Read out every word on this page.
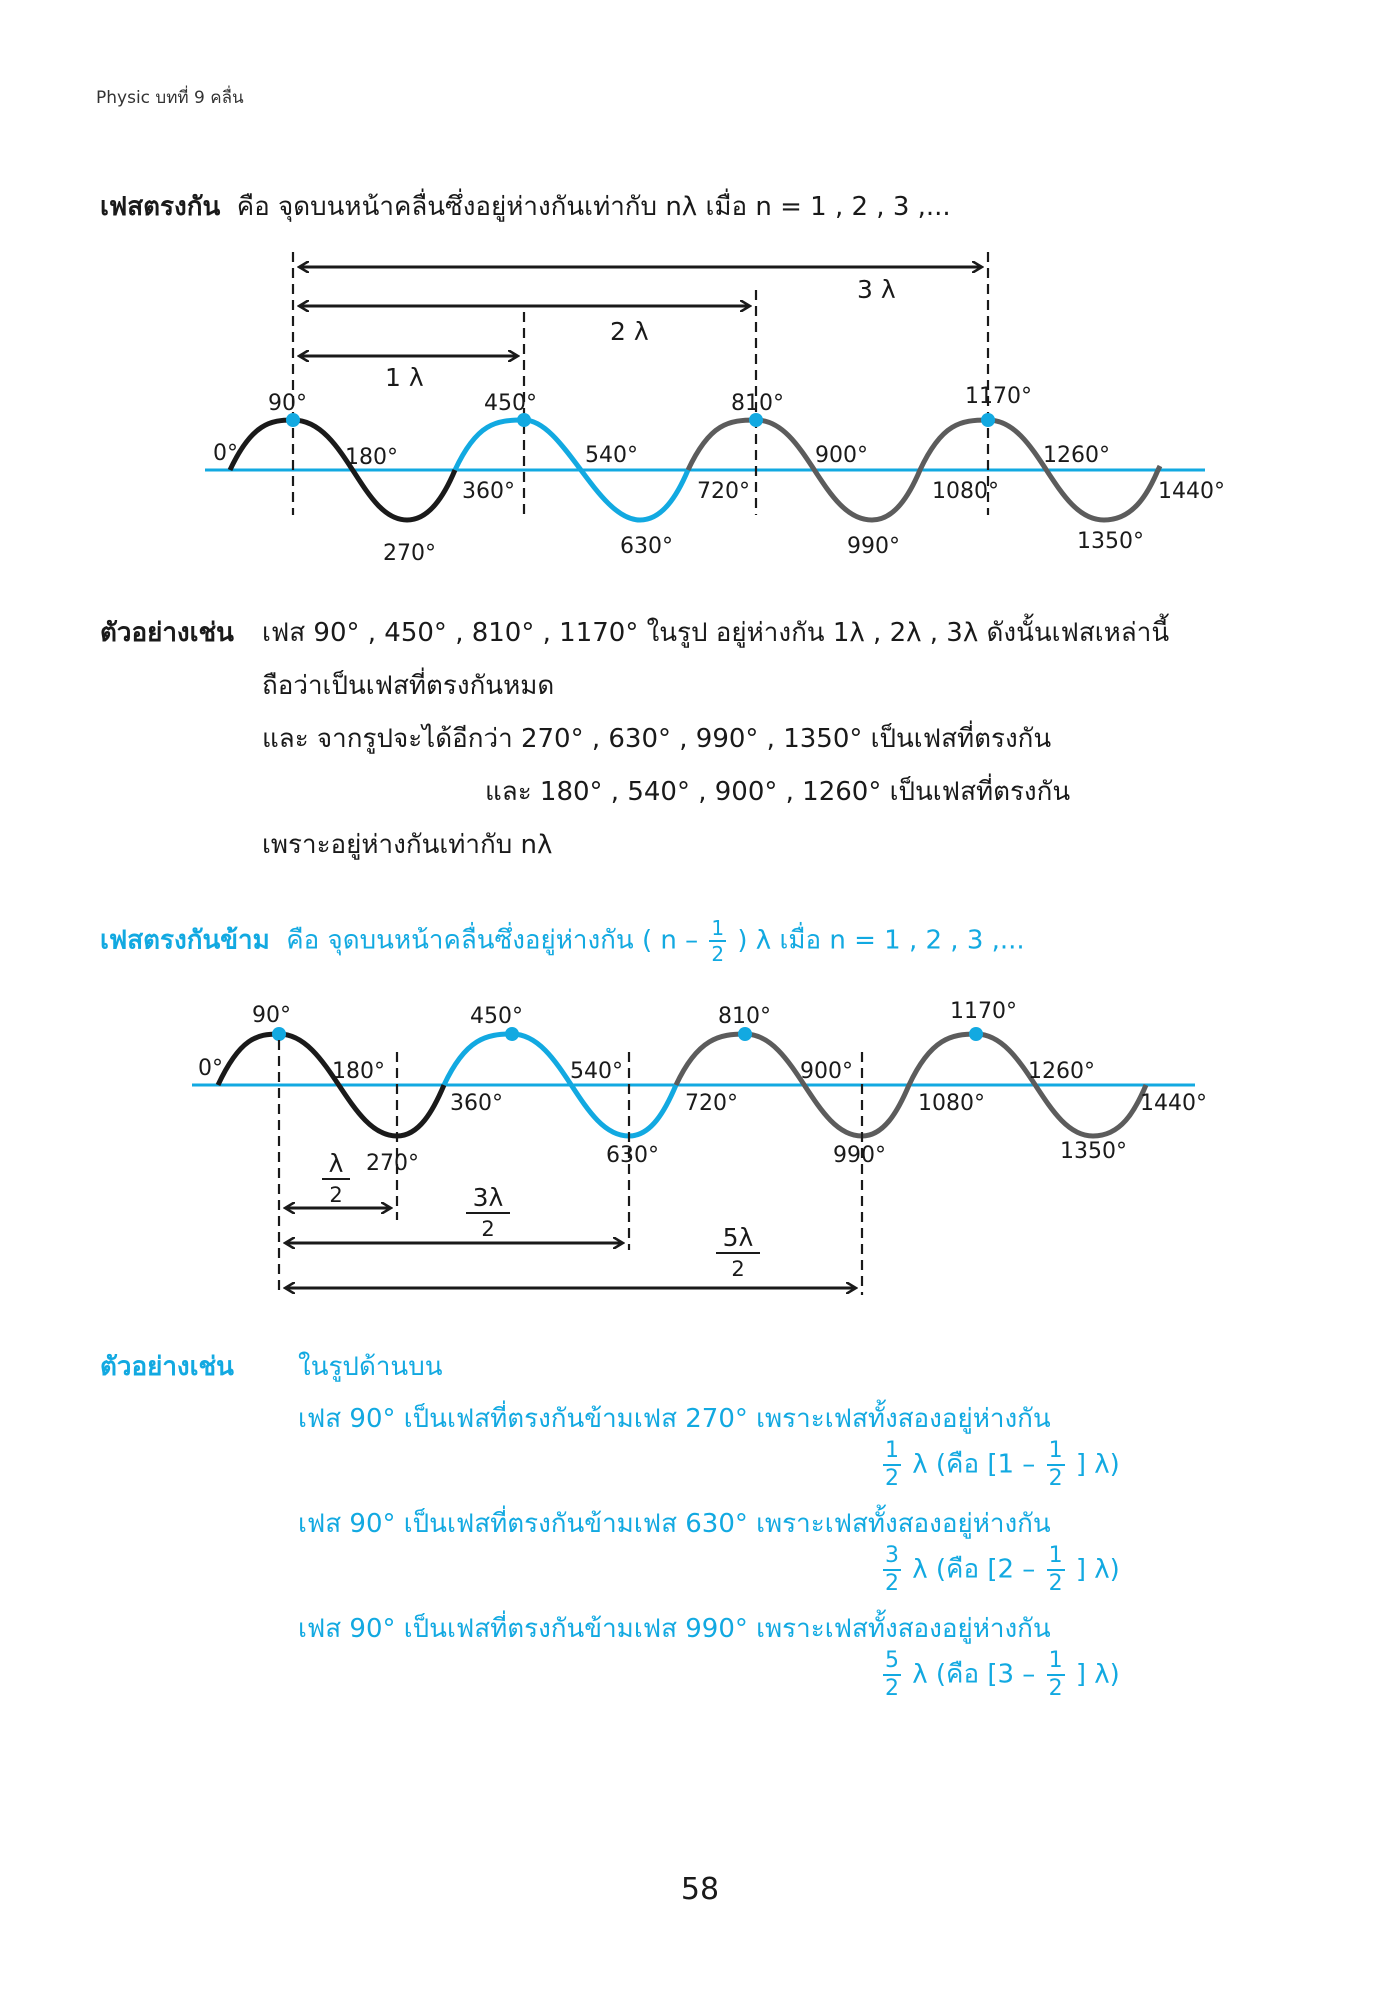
Physic บทที่ 9 คลื่น
เฟสตรงกัน คือ จุดบนหน้าคลื่นซึ่งอยู่ห่างกันเท่ากับ nλ เมื่อ n = 1 , 2 , 3 ,...
3 λ
2 λ
1 λ
0°
90°
180°
270°
360°
450°
540°
630°
720°
810°
900°
990°
1080°
1170°
1260°
1350°
1440°
ตัวอย่างเช่น เฟส 90° , 450° , 810° , 1170° ในรูป อยู่ห่างกัน 1λ , 2λ , 3λ ดังนั้นเฟสเหล่านี้
ถือว่าเป็นเฟสที่ตรงกันหมด
และ จากรูปจะได้อีกว่า 270° , 630° , 990° , 1350° เป็นเฟสที่ตรงกัน
และ 180° , 540° , 900° , 1260° เป็นเฟสที่ตรงกัน
เพราะอยู่ห่างกันเท่ากับ nλ
เฟสตรงกันข้าม คือ จุดบนหน้าคลื่นซึ่งอยู่ห่างกัน ( n – $\frac{1}{2}$ ) λ เมื่อ n = 1 , 2 , 3 ,...
λ
2	3λ
2	5λ
2
0°
90°
180°
270°
360°
450°
540°
630°
720°
810°
900°
990°
1080°
1170°
1260°
1350°
1440°
ตัวอย่างเช่น ในรูปด้านบน
เฟส 90° เป็นเฟสที่ตรงกันข้ามเฟส 270° เพราะเฟสทั้งสองอยู่ห่างกัน
$\frac{1}{2}$ λ (คือ [$1 - \frac{1}{2}$ ] λ)
เฟส 90° เป็นเฟสที่ตรงกันข้ามเฟส 630° เพราะเฟสทั้งสองอยู่ห่างกัน
$\frac{3}{2}$ λ (คือ [$2 - \frac{1}{2}$ ] λ)
เฟส 90° เป็นเฟสที่ตรงกันข้ามเฟส 990° เพราะเฟสทั้งสองอยู่ห่างกัน
$\frac{5}{2}$ λ (คือ [$3 - \frac{1}{2}$ ] λ)
58
